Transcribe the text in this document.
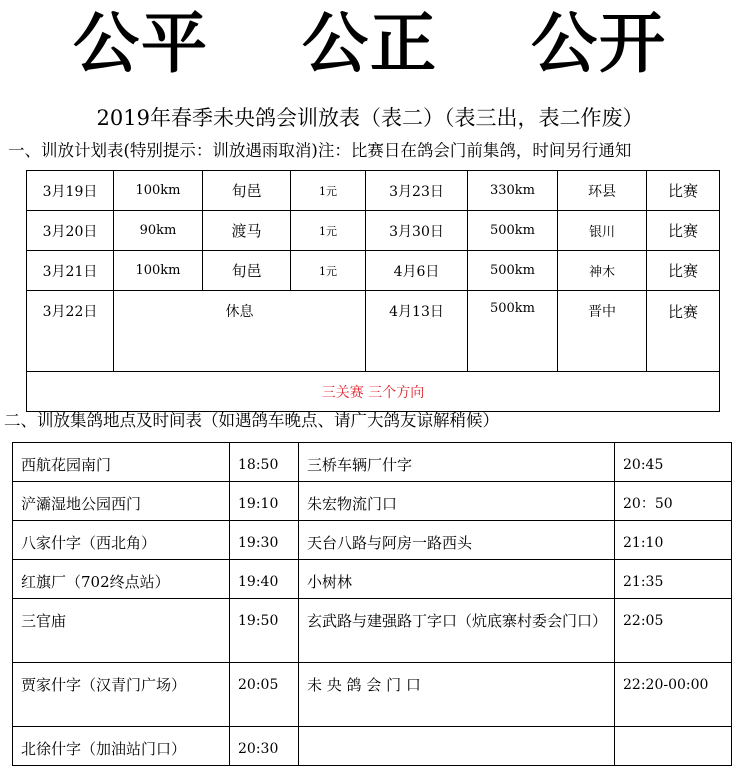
公平　 公正　 公开
2019年春季未央鸽会训放表（表二）（表三出，表二作废）
一、训放计划表(特别提示：训放遇雨取消)注：比赛日在鸽会门前集鸽，时间另行通知
3月19日	100km	旬邑	1元	3月23日	330km	环县	比赛
3月20日	90km	渡马	1元	3月30日	500km	银川	比赛
3月21日	100km	旬邑	1元	4月6日	500km	神木	比赛
3月22日	休息			4月13日	500km	晋中	比赛
三关赛 三个方向							
二、训放集鸽地点及时间表（如遇鸽车晚点、请广大鸽友谅解稍候）
西航花园南门	18:50	三桥车辆厂什字	20:45
浐灞湿地公园西门	19:10	朱宏物流门口	20：50
八家什字（西北角）	19:30	天台八路与阿房一路西头	21:10
红旗厂（702终点站）	19:40	小树林	21:35
三官庙	19:50	玄武路与建强路丁字口（炕底寨村委会门口）	22:05
贾家什字（汉青门广场）	20:05	未 央 鸽 会 门 口	22:20-00:00
北徐什字（加油站门口）	20:30		
